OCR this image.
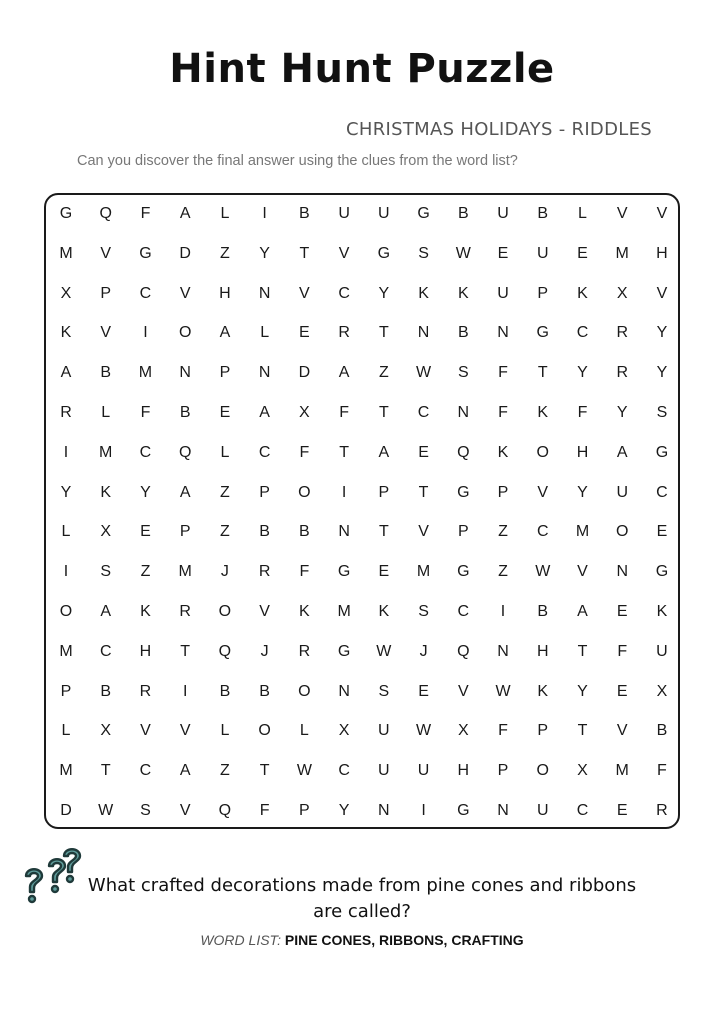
Hint Hunt Puzzle
CHRISTMAS HOLIDAYS - RIDDLES
Can you discover the final answer using the clues from the word list?
G	Q	F	A	L	I	B	U	U	G	B	U	B	L	V	V
M	V	G	D	Z	Y	T	V	G	S	W	E	U	E	M	H
X	P	C	V	H	N	V	C	Y	K	K	U	P	K	X	V
K	V	I	O	A	L	E	R	T	N	B	N	G	C	R	Y
A	B	M	N	P	N	D	A	Z	W	S	F	T	Y	R	Y
R	L	F	B	E	A	X	F	T	C	N	F	K	F	Y	S
I	M	C	Q	L	C	F	T	A	E	Q	K	O	H	A	G
Y	K	Y	A	Z	P	O	I	P	T	G	P	V	Y	U	C
L	X	E	P	Z	B	B	N	T	V	P	Z	C	M	O	E
I	S	Z	M	J	R	F	G	E	M	G	Z	W	V	N	G
O	A	K	R	O	V	K	M	K	S	C	I	B	A	E	K
M	C	H	T	Q	J	R	G	W	J	Q	N	H	T	F	U
P	B	R	I	B	B	O	N	S	E	V	W	K	Y	E	X
L	X	V	V	L	O	L	X	U	W	X	F	P	T	V	B
M	T	C	A	Z	T	W	C	U	U	H	P	O	X	M	F
D	W	S	V	Q	F	P	Y	N	I	G	N	U	C	E	R
What crafted decorations made from pine cones and ribbons are called?
WORD LIST: PINE CONES, RIBBONS, CRAFTING
